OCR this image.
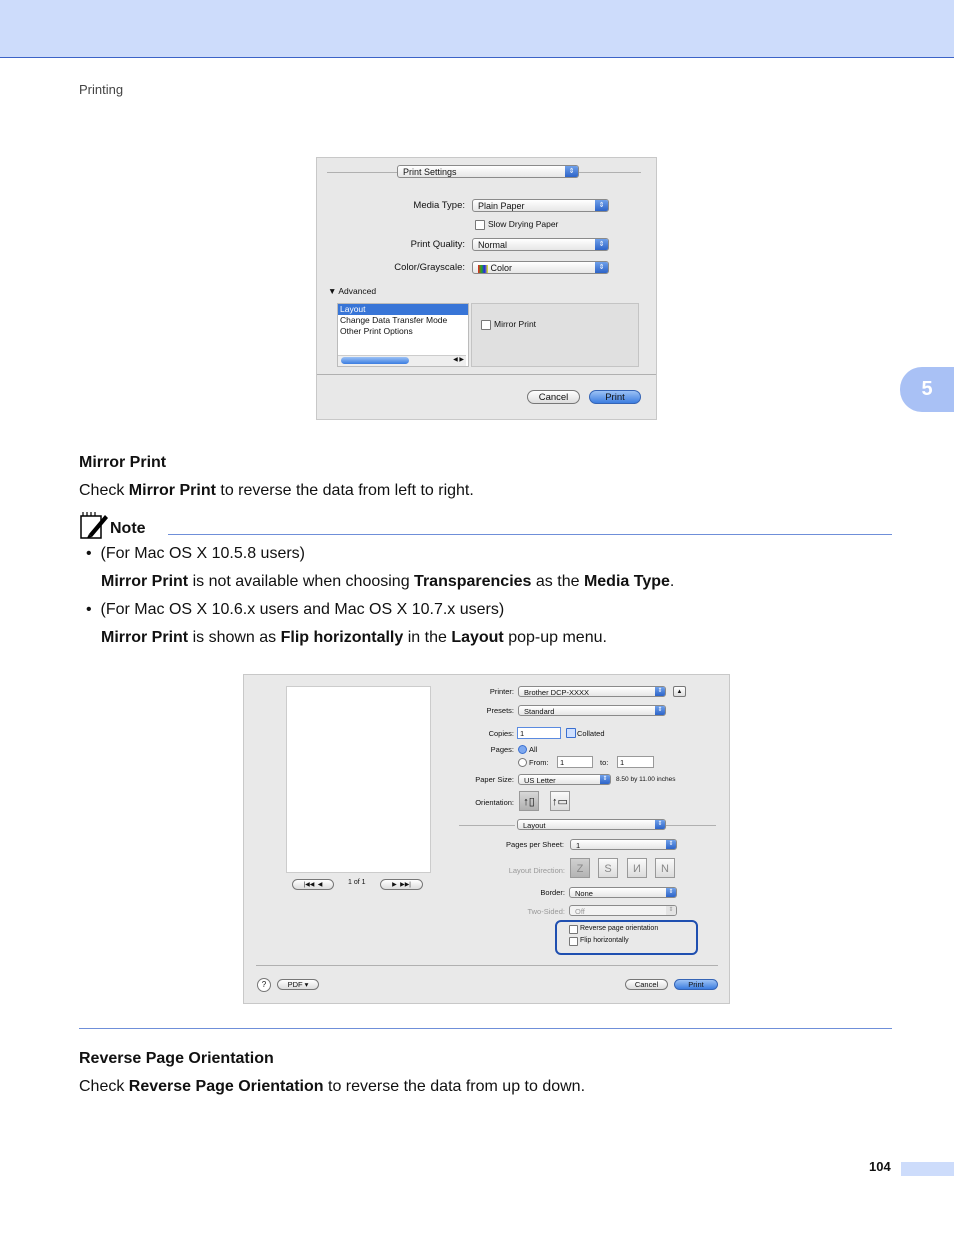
Printing
5
Print Settings	⇕
Media Type:	Plain Paper	⇕
Slow Drying Paper
Print Quality:	Normal	⇕
Color/Grayscale:	Color	⇕
▼ Advanced
Layout
Change Data Transfer Mode
Other Print Options
◀ ▶
Mirror Print
Cancel	Print
Mirror Print
Check Mirror Print to reverse the data from left to right.
Note
• (For Mac OS X 10.5.8 users)
Mirror Print is not available when choosing Transparencies as the Media Type.
• (For Mac OS X 10.6.x users and Mac OS X 10.7.x users)
Mirror Print is shown as Flip horizontally in the Layout pop-up menu.
|◀◀  ◀	1 of 1	▶  ▶▶|
Printer:	Brother DCP-XXXX	⇕	▲
Presets:	Standard	⇕
Copies: 1	Collated
Pages: All
From:	1	to:	1
Paper Size:	US Letter	⇕	8.50 by 11.00 inches
Orientation: ↑▯	↑▭
Layout	⇕
Pages per Sheet:	1	⇕
Layout Direction:	Z	S	И	N
Border:	None	⇕
Two-Sided:	Off	⇕
Reverse page orientation
Flip horizontally
?	PDF ▾	Cancel	Print
Reverse Page Orientation
Check Reverse Page Orientation to reverse the data from up to down.
104
